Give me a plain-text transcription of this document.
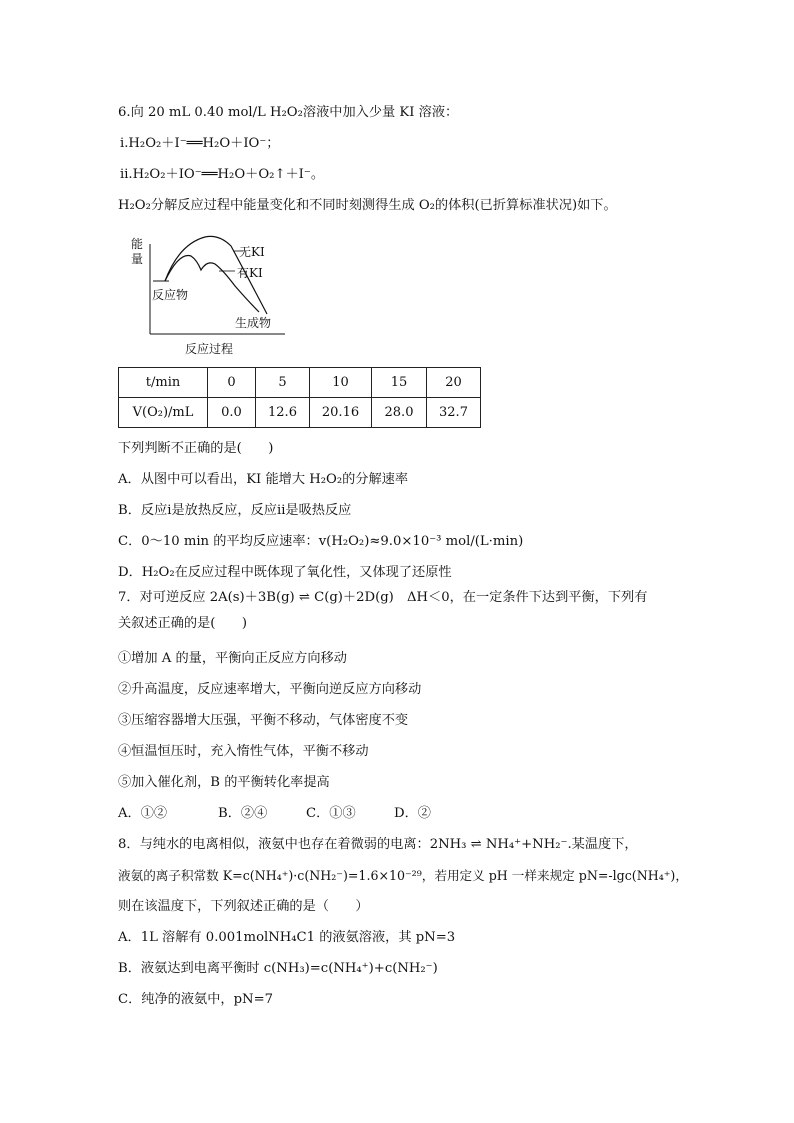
6.向 20 mL 0.40 mol/L H₂O₂溶液中加入少量 KI 溶液：
ⅰ.H₂O₂＋I⁻══H₂O＋IO⁻；
ⅱ.H₂O₂＋IO⁻══H₂O＋O₂↑＋I⁻。
H₂O₂分解反应过程中能量变化和不同时刻测得生成 O₂的体积(已折算标准状况)如下。
能
量	无KI
有KI
反应物
生成物
反应过程
t/min	0	5	10	15	20
V(O₂)/mL	0.0	12.6	20.16	28.0	32.7
下列判断不正确的是(　　)
A．从图中可以看出，KI 能增大 H₂O₂的分解速率
B．反应ⅰ是放热反应，反应ⅱ是吸热反应
C．0～10 min 的平均反应速率：v(H₂O₂)≈9.0×10⁻³ mol/(L·min)
D．H₂O₂在反应过程中既体现了氧化性，又体现了还原性
7．对可逆反应 2A(s)＋3B(g) ⇌ C(g)＋2D(g)　ΔH＜0，在一定条件下达到平衡，下列有
关叙述正确的是(　　)
①增加 A 的量，平衡向正反应方向移动
②升高温度，反应速率增大，平衡向逆反应方向移动
③压缩容器增大压强，平衡不移动，气体密度不变
④恒温恒压时，充入惰性气体，平衡不移动
⑤加入催化剂，B 的平衡转化率提高
A．①②	B．②④	C．①③	D．②
8．与纯水的电离相似，液氨中也存在着微弱的电离：2NH₃ ⇌ NH₄⁺+NH₂⁻.某温度下，
液氨的离子积常数 K=c(NH₄⁺)·c(NH₂⁻)=1.6×10⁻²⁹，若用定义 pH 一样来规定 pN=-lgc(NH₄⁺)，
则在该温度下，下列叙述正确的是（　　）
A．1L 溶解有 0.001molNH₄C1 的液氨溶液，其 pN=3
B．液氨达到电离平衡时 c(NH₃)=c(NH₄⁺)+c(NH₂⁻)
C．纯净的液氨中，pN=7
